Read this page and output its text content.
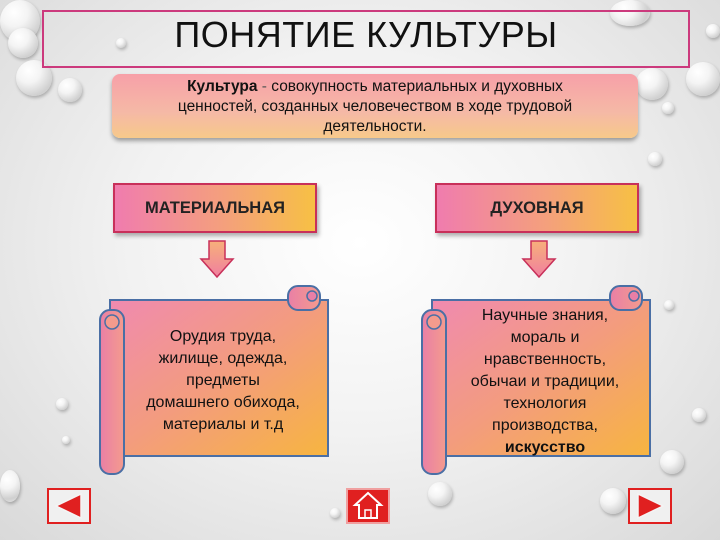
ПОНЯТИЕ КУЛЬТУРЫ
Культура - совокупность материальных и духовных
ценностей, созданных человечеством в ходе трудовой
деятельности.
МАТЕРИАЛЬНАЯ	ДУХОВНАЯ
Орудия труда,
жилище, одежда,
предметы
домашнего обихода,
материалы и т.д
Научные знания,
мораль и
нравственность,
обычаи и традиции,
технология
производства,
искусство
